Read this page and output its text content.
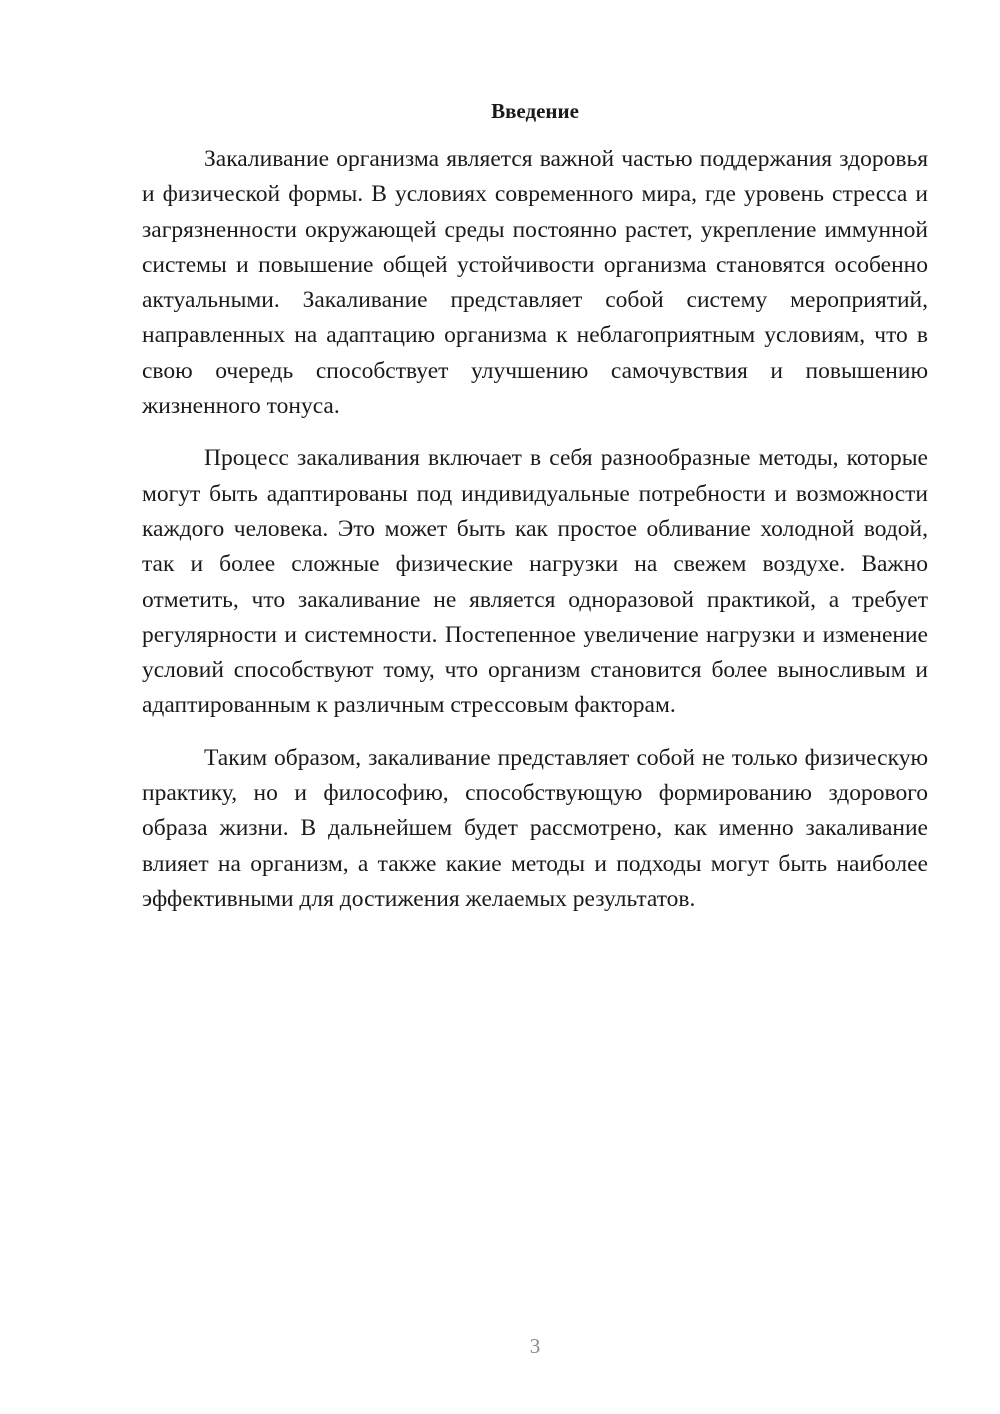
Введение

Закаливание организма является важной частью поддержания здоровья и физической формы. В условиях современного мира, где уровень стресса и загрязненности окружающей среды постоянно растет, укрепление иммунной системы и повышение общей устойчивости организма становятся особенно актуальными. Закаливание представляет собой систему мероприятий, направленных на адаптацию организма к неблагоприятным условиям, что в свою очередь способствует улучшению самочувствия и повышению жизненного тонуса.

Процесс закаливания включает в себя разнообразные методы, которые могут быть адаптированы под индивидуальные потребности и возможности каждого человека. Это может быть как простое обливание холодной водой, так и более сложные физические нагрузки на свежем воздухе. Важно отметить, что закаливание не является одноразовой практикой, а требует регулярности и системности. Постепенное увеличение нагрузки и изменение условий способствуют тому, что организм становится более выносливым и адаптированным к различным стрессовым факторам.

Таким образом, закаливание представляет собой не только физическую практику, но и философию, способствующую формированию здорового образа жизни. В дальнейшем будет рассмотрено, как именно закаливание влияет на организм, а также какие методы и подходы могут быть наиболее эффективными для достижения желаемых результатов.

3
